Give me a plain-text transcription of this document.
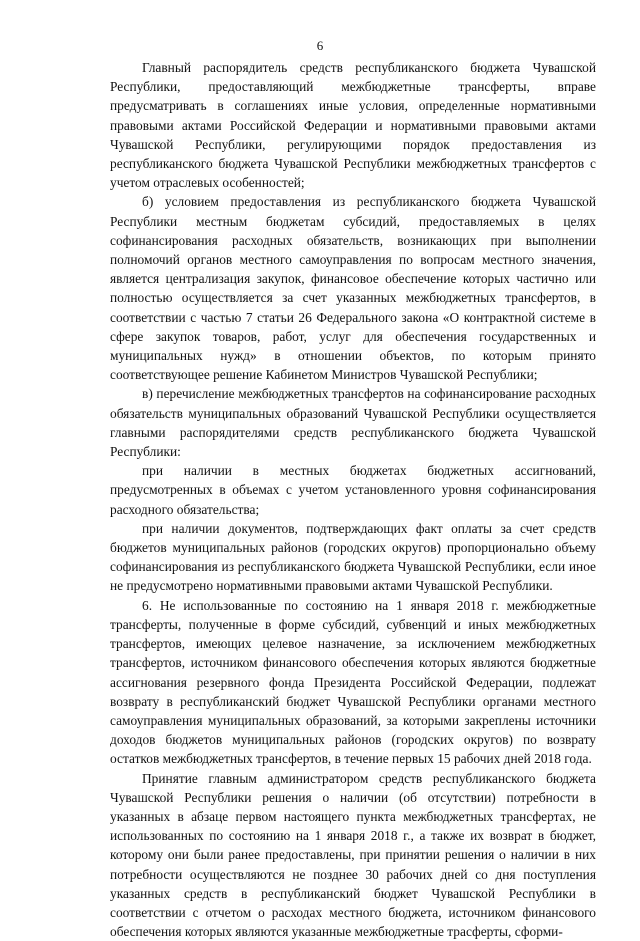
6

Главный распорядитель средств республиканского бюджета Чувашской Республики, предоставляющий межбюджетные трансферты, вправе предусматривать в соглашениях иные условия, определенные нормативными правовыми актами Российской Федерации и нормативными правовыми актами Чувашской Республики, регулирующими порядок предоставления из республиканского бюджета Чувашской Республики межбюджетных трансфертов с учетом отраслевых особенностей;

б) условием предоставления из республиканского бюджета Чувашской Республики местным бюджетам субсидий, предоставляемых в целях софинансирования расходных обязательств, возникающих при выполнении полномочий органов местного самоуправления по вопросам местного значения, является централизация закупок, финансовое обеспечение которых частично или полностью осуществляется за счет указанных межбюджетных трансфертов, в соответствии с частью 7 статьи 26 Федерального закона «О контрактной системе в сфере закупок товаров, работ, услуг для обеспечения государственных и муниципальных нужд» в отношении объектов, по которым принято соответствующее решение Кабинетом Министров Чувашской Республики;

в) перечисление межбюджетных трансфертов на софинансирование расходных обязательств муниципальных образований Чувашской Республики осуществляется главными распорядителями средств республиканского бюджета Чувашской Республики:

при наличии в местных бюджетах бюджетных ассигнований, предусмотренных в объемах с учетом установленного уровня софинансирования расходного обязательства;

при наличии документов, подтверждающих факт оплаты за счет средств бюджетов муниципальных районов (городских округов) пропорционально объему софинансирования из республиканского бюджета Чувашской Республики, если иное не предусмотрено нормативными правовыми актами Чувашской Республики.

6. Не использованные по состоянию на 1 января 2018 г. межбюджетные трансферты, полученные в форме субсидий, субвенций и иных межбюджетных трансфертов, имеющих целевое назначение, за исключением межбюджетных трансфертов, источником финансового обеспечения которых являются бюджетные ассигнования резервного фонда Президента Российской Федерации, подлежат возврату в республиканский бюджет Чувашской Республики органами местного самоуправления муниципальных образований, за которыми закреплены источники доходов бюджетов муниципальных районов (городских округов) по возврату остатков межбюджетных трансфертов, в течение первых 15 рабочих дней 2018 года.

Принятие главным администратором средств республиканского бюджета Чувашской Республики решения о наличии (об отсутствии) потребности в указанных в абзаце первом настоящего пункта межбюджетных трансфертах, не использованных по состоянию на 1 января 2018 г., а также их возврат в бюджет, которому они были ранее предоставлены, при принятии решения о наличии в них потребности осуществляются не позднее 30 рабочих дней со дня поступления указанных средств в республиканский бюджет Чувашской Республики в соответствии с отчетом о расходах местного бюджета, источником финансового обеспечения которых являются указанные межбюджетные трасферты, сформи-
